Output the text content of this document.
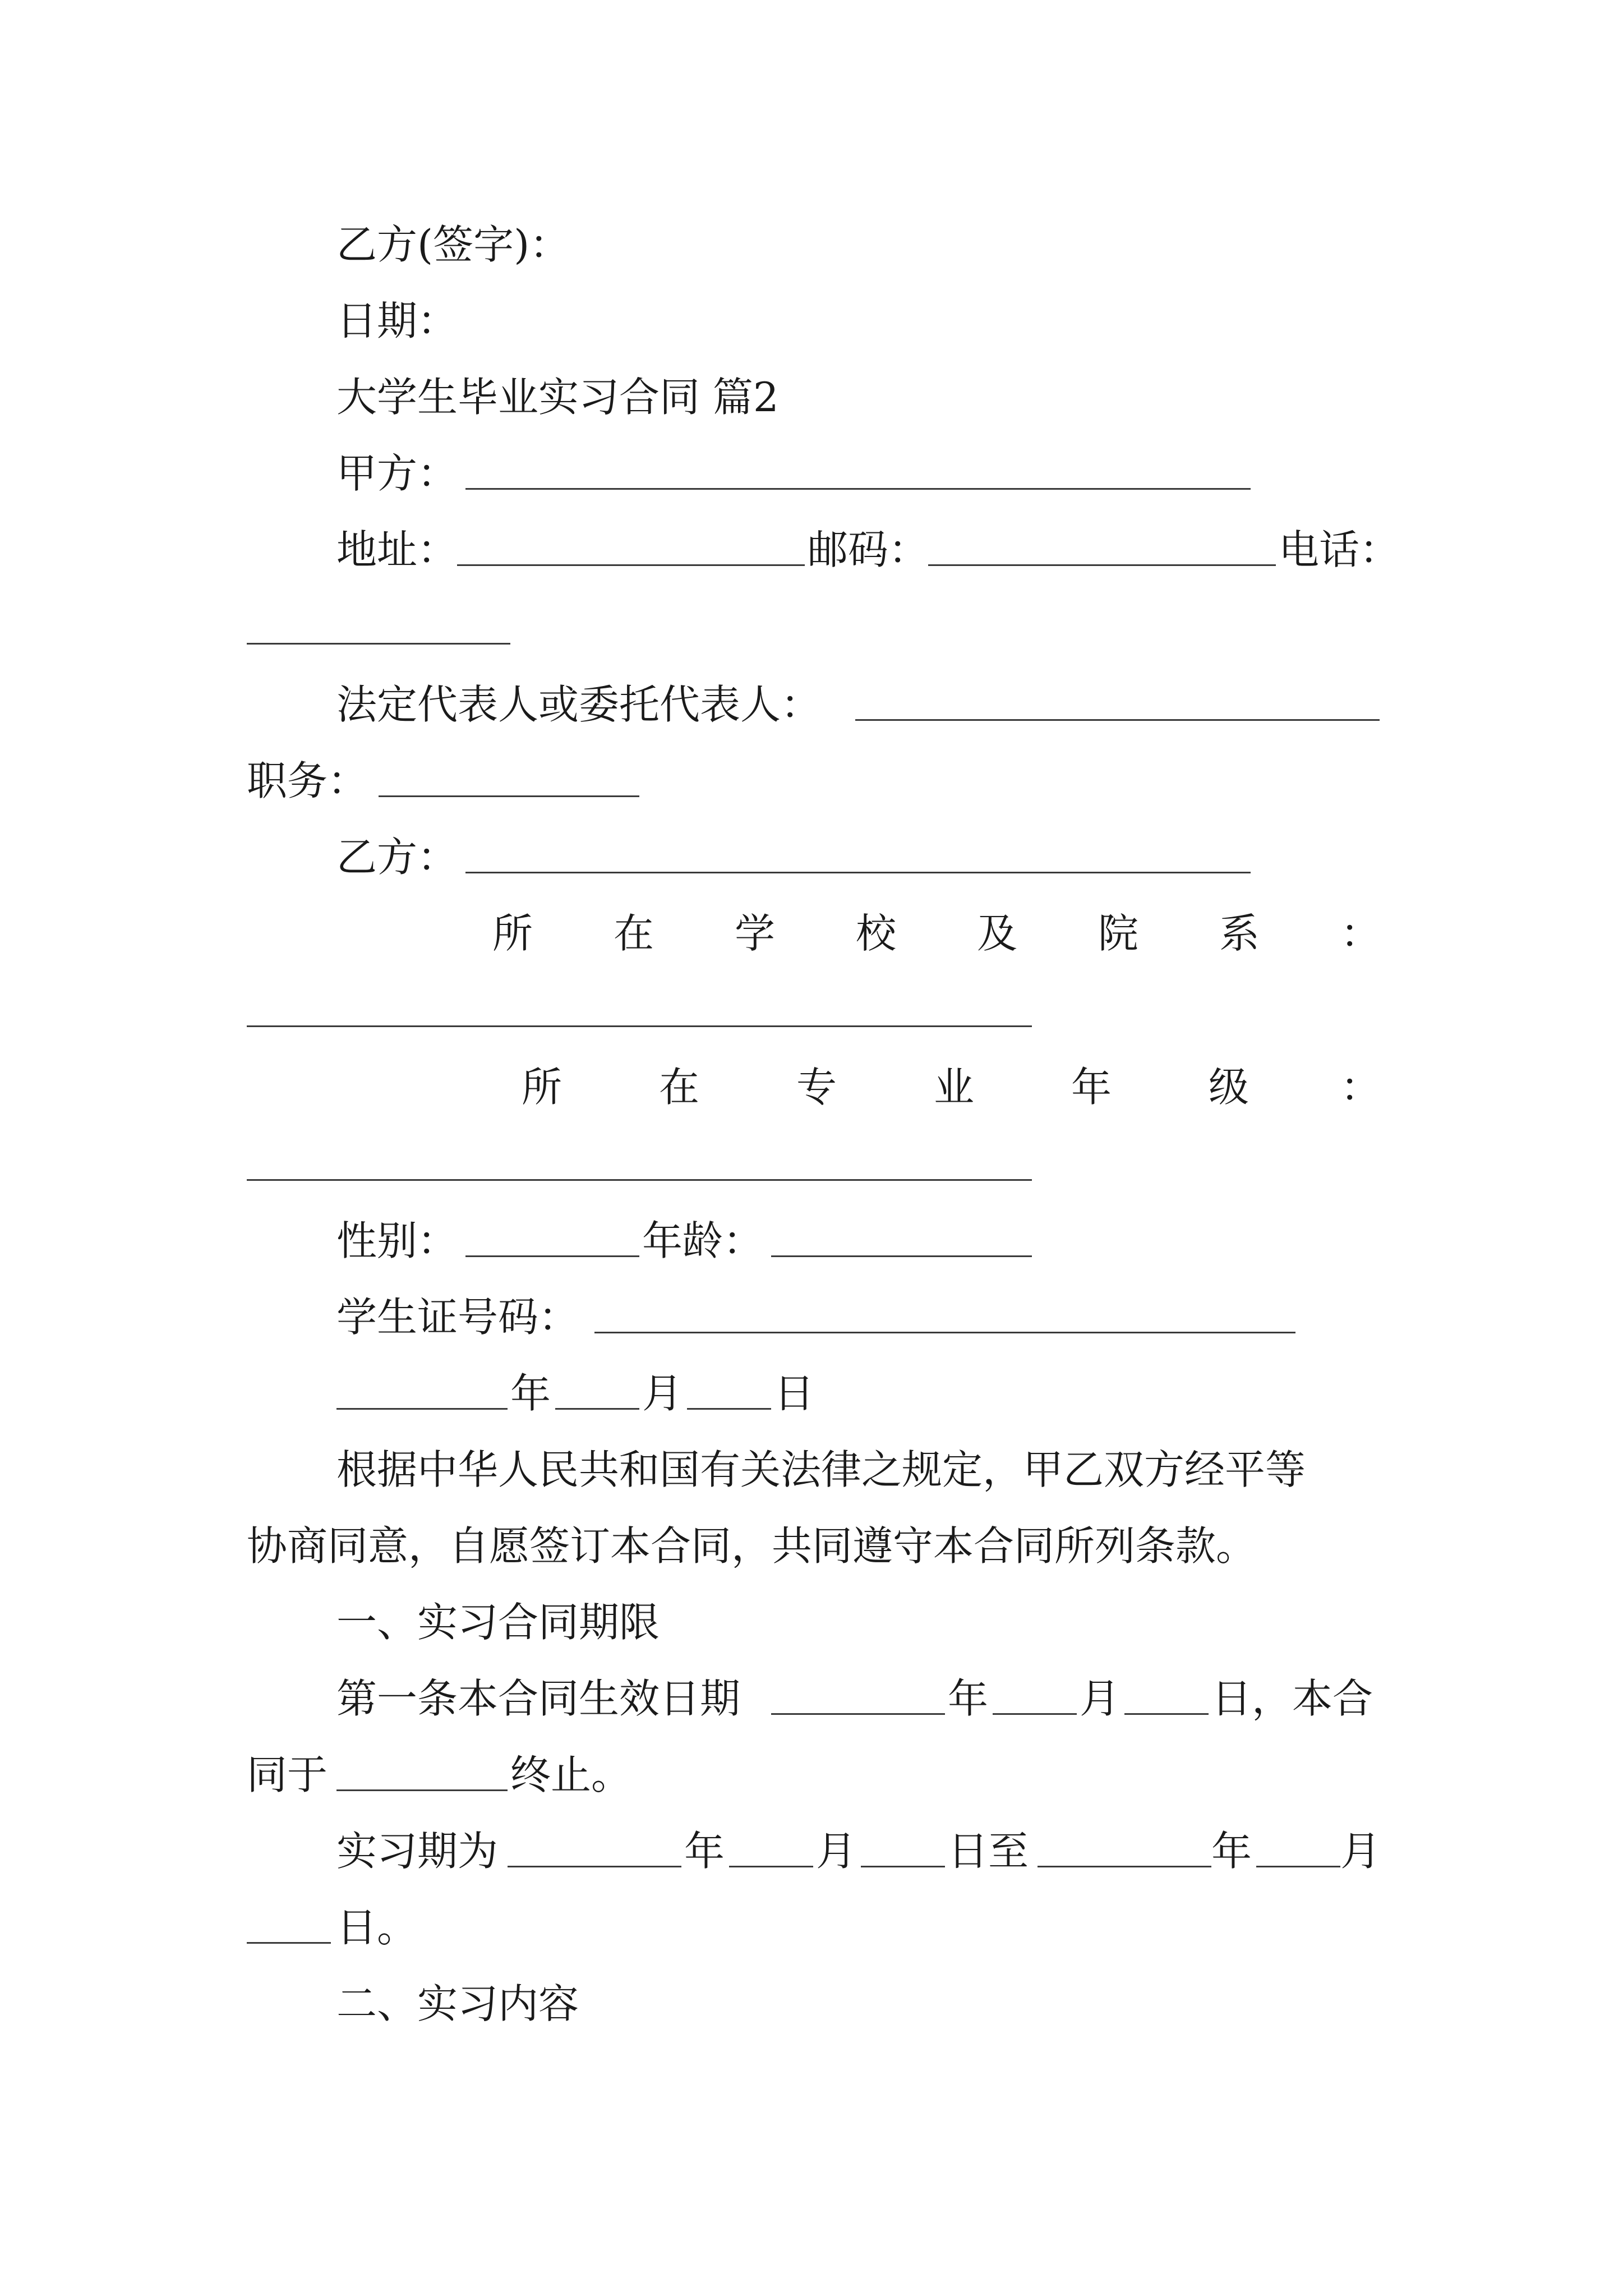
乙方(签字)：
日期：
大学生毕业实习合同 篇2
甲方：
地址：	邮码：	电话：
法定代表人或委托代表人：
职务：
乙方：
所 在 学 校 及 院 系 ：
所 在 专 业 年 级 ：
性别：	年龄：
学生证号码：
年 月 日
根据中华人民共和国有关法律之规定，甲乙双方经平等
协商同意，自愿签订本合同，共同遵守本合同所列条款。
一、实习合同期限
第一条本合同生效日期	年 月 日，本合
同于	终止。
实习期为	年 月 日至	年 月
日。
二、实习内容
